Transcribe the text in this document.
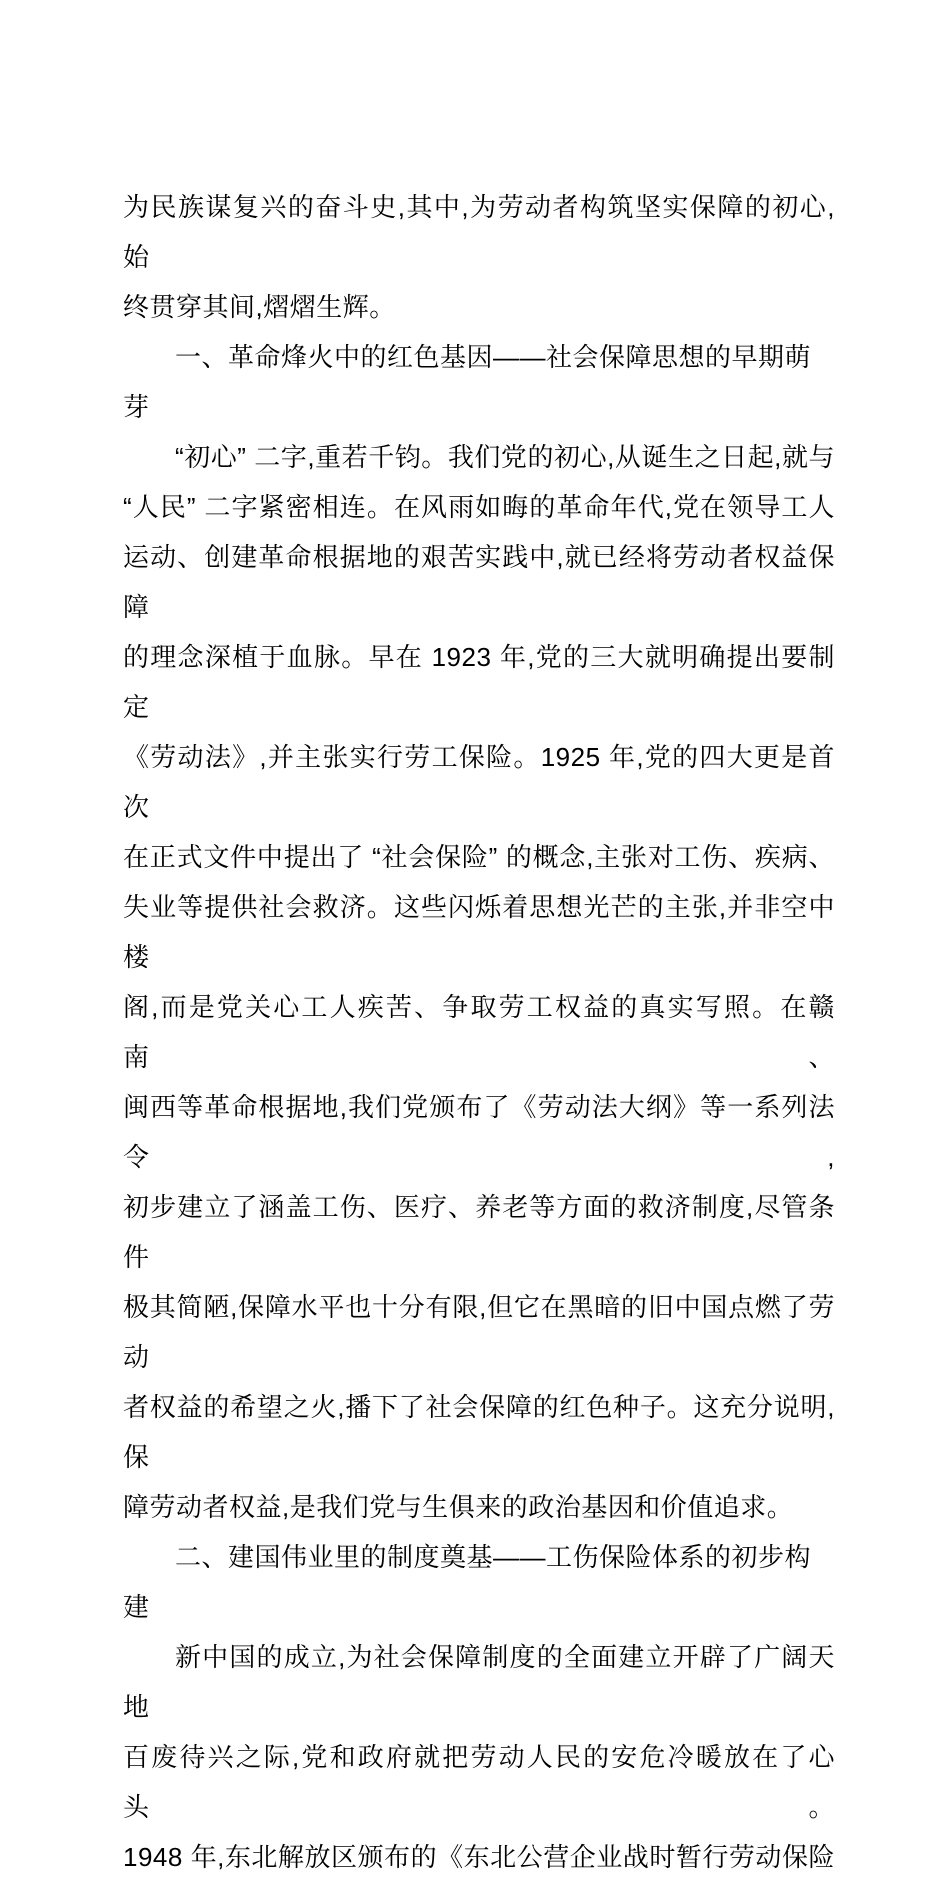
为民族谋复兴的奋斗史,其中,为劳动者构筑坚实保障的初心,始
终贯穿其间,熠熠生辉。
一、革命烽火中的红色基因——社会保障思想的早期萌芽
“初心” 二字,重若千钧。我们党的初心,从诞生之日起,就与
“人民” 二字紧密相连。在风雨如晦的革命年代,党在领导工人
运动、创建革命根据地的艰苦实践中,就已经将劳动者权益保障
的理念深植于血脉。早在 1923 年,党的三大就明确提出要制定
《劳动法》,并主张实行劳工保险。1925 年,党的四大更是首次
在正式文件中提出了 “社会保险” 的概念,主张对工伤、疾病、
失业等提供社会救济。这些闪烁着思想光芒的主张,并非空中楼
阁,而是党关心工人疾苦、争取劳工权益的真实写照。在赣南、
闽西等革命根据地,我们党颁布了《劳动法大纲》等一系列法令,
初步建立了涵盖工伤、医疗、养老等方面的救济制度,尽管条件
极其简陋,保障水平也十分有限,但它在黑暗的旧中国点燃了劳动
者权益的希望之火,播下了社会保障的红色种子。这充分说明,保
障劳动者权益,是我们党与生俱来的政治基因和价值追求。
二、建国伟业里的制度奠基——工伤保险体系的初步构建
新中国的成立,为社会保障制度的全面建立开辟了广阔天地
百废待兴之际,党和政府就把劳动人民的安危冷暖放在了心头。
1948 年,东北解放区颁布的《东北公营企业战时暂行劳动保险
